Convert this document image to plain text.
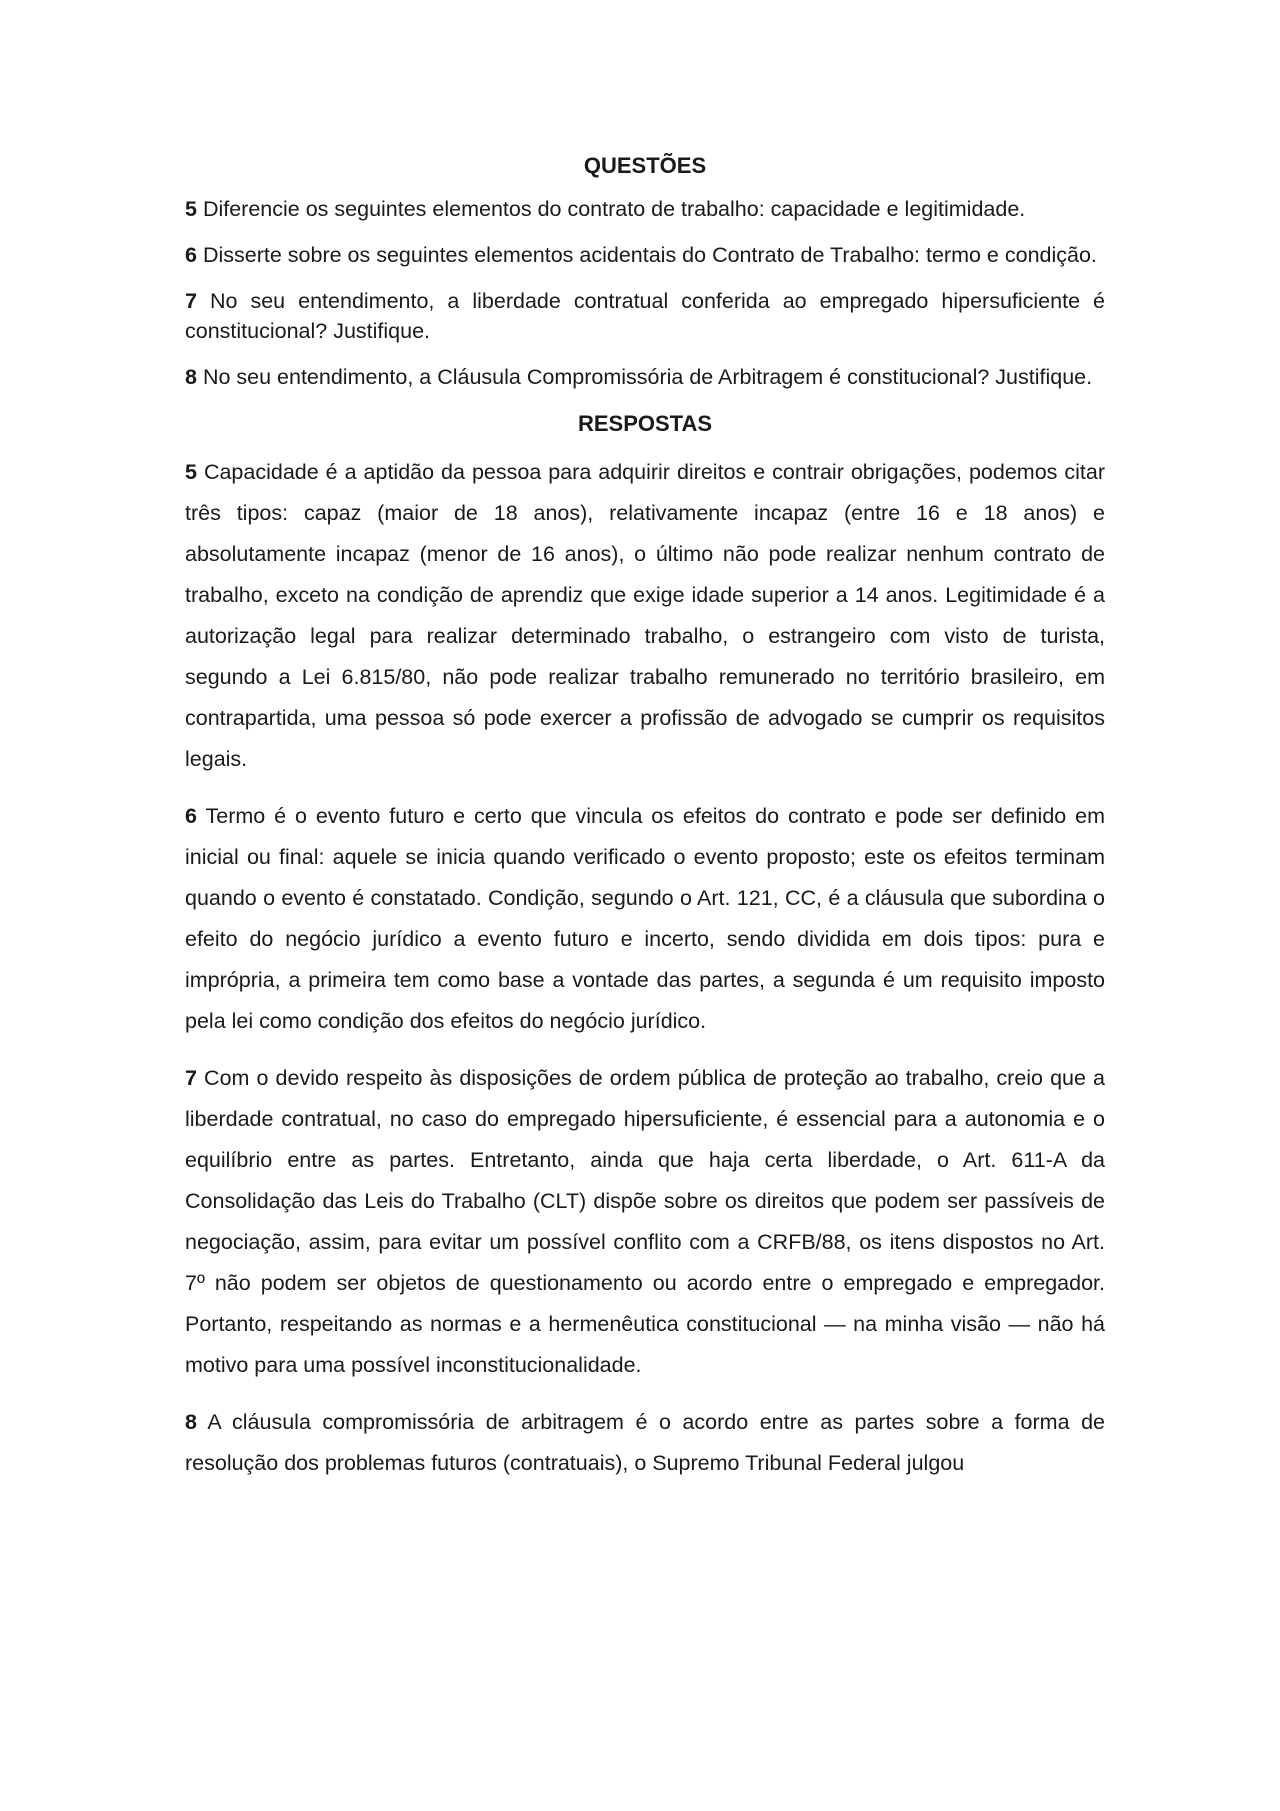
QUESTÕES

5 Diferencie os seguintes elementos do contrato de trabalho: capacidade e legitimidade.

6 Disserte sobre os seguintes elementos acidentais do Contrato de Trabalho: termo e condição.

7 No seu entendimento, a liberdade contratual conferida ao empregado hipersuficiente é constitucional? Justifique.

8 No seu entendimento, a Cláusula Compromissória de Arbitragem é constitucional? Justifique.

RESPOSTAS

5 Capacidade é a aptidão da pessoa para adquirir direitos e contrair obrigações, podemos citar três tipos: capaz (maior de 18 anos), relativamente incapaz (entre 16 e 18 anos) e absolutamente incapaz (menor de 16 anos), o último não pode realizar nenhum contrato de trabalho, exceto na condição de aprendiz que exige idade superior a 14 anos. Legitimidade é a autorização legal para realizar determinado trabalho, o estrangeiro com visto de turista, segundo a Lei 6.815/80, não pode realizar trabalho remunerado no território brasileiro, em contrapartida, uma pessoa só pode exercer a profissão de advogado se cumprir os requisitos legais.

6 Termo é o evento futuro e certo que vincula os efeitos do contrato e pode ser definido em inicial ou final: aquele se inicia quando verificado o evento proposto; este os efeitos terminam quando o evento é constatado. Condição, segundo o Art. 121, CC, é a cláusula que subordina o efeito do negócio jurídico a evento futuro e incerto, sendo dividida em dois tipos: pura e imprópria, a primeira tem como base a vontade das partes, a segunda é um requisito imposto pela lei como condição dos efeitos do negócio jurídico.

7 Com o devido respeito às disposições de ordem pública de proteção ao trabalho, creio que a liberdade contratual, no caso do empregado hipersuficiente, é essencial para a autonomia e o equilíbrio entre as partes. Entretanto, ainda que haja certa liberdade, o Art. 611-A da Consolidação das Leis do Trabalho (CLT) dispõe sobre os direitos que podem ser passíveis de negociação, assim, para evitar um possível conflito com a CRFB/88, os itens dispostos no Art. 7º não podem ser objetos de questionamento ou acordo entre o empregado e empregador. Portanto, respeitando as normas e a hermenêutica constitucional — na minha visão — não há motivo para uma possível inconstitucionalidade.

8 A cláusula compromissória de arbitragem é o acordo entre as partes sobre a forma de resolução dos problemas futuros (contratuais), o Supremo Tribunal Federal julgou
